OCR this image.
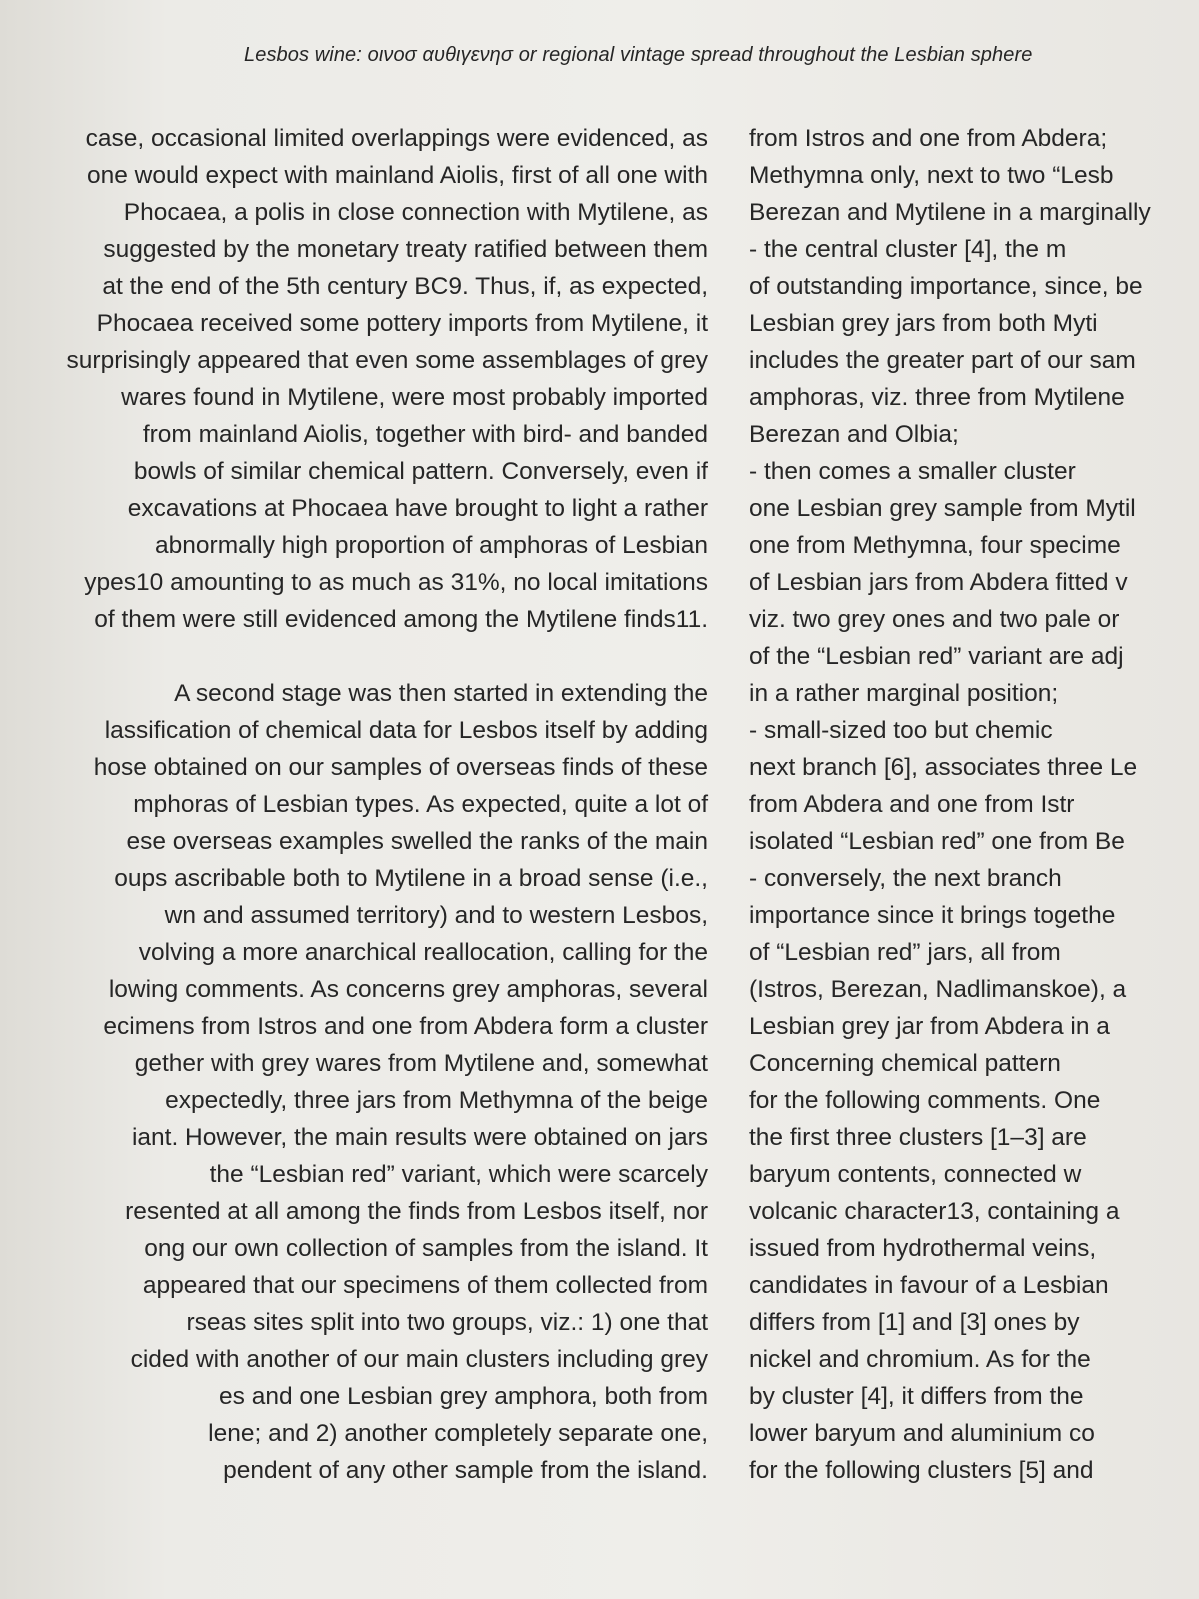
Lesbos wine: οινοσ αυθιγενησ or regional vintage spread throughout the Lesbian sphere
case, occasional limited overlappings were evidenced, as
one would expect with mainland Aiolis, first of all one with
Phocaea, a polis in close connection with Mytilene, as
suggested by the monetary treaty ratified between them
at the end of the 5th century BC9. Thus, if, as expected,
Phocaea received some pottery imports from Mytilene, it
surprisingly appeared that even some assemblages of grey
wares found in Mytilene, were most probably imported
from mainland Aiolis, together with bird- and banded
bowls of similar chemical pattern. Conversely, even if
excavations at Phocaea have brought to light a rather
abnormally high proportion of amphoras of Lesbian
ypes10 amounting to as much as 31%, no local imitations
of them were still evidenced among the Mytilene finds11.
A second stage was then started in extending the
lassification of chemical data for Lesbos itself by adding
hose obtained on our samples of overseas finds of these
mphoras of Lesbian types. As expected, quite a lot of
ese overseas examples swelled the ranks of the main
oups ascribable both to Mytilene in a broad sense (i.e.,
wn and assumed territory) and to western Lesbos,
volving a more anarchical reallocation, calling for the
lowing comments. As concerns grey amphoras, several
ecimens from Istros and one from Abdera form a cluster
gether with grey wares from Mytilene and, somewhat
expectedly, three jars from Methymna of the beige
iant. However, the main results were obtained on jars
the “Lesbian red” variant, which were scarcely
resented at all among the finds from Lesbos itself, nor
ong our own collection of samples from the island. It
appeared that our specimens of them collected from
rseas sites split into two groups, viz.: 1) one that
cided with another of our main clusters including grey
es and one Lesbian grey amphora, both from
lene; and 2) another completely separate one,
pendent of any other sample from the island.
from Istros and one from Abdera;
Methymna only, next to two “Lesb
Berezan and Mytilene in a marginally
- the central cluster [4], the m
of outstanding importance, since, be
Lesbian grey jars from both Myti
includes the greater part of our sam
amphoras, viz. three from Mytilene
Berezan and Olbia;
- then comes a smaller cluster
one Lesbian grey sample from Mytil
one from Methymna, four specime
of Lesbian jars from Abdera fitted v
viz. two grey ones and two pale or
of the “Lesbian red” variant are adj
in a rather marginal position;
- small-sized too but chemic
next branch [6], associates three Le
from Abdera and one from Istr
isolated “Lesbian red” one from Be
- conversely, the next branch
importance since it brings togethe
of “Lesbian red” jars, all from
(Istros, Berezan, Nadlimanskoe), a
Lesbian grey jar from Abdera in a
Concerning chemical pattern
for the following comments. One
the first three clusters [1–3] are
baryum contents, connected w
volcanic character13, containing a
issued from hydrothermal veins,
candidates in favour of a Lesbian
differs from [1] and [3] ones by
nickel and chromium. As for the
by cluster [4], it differs from the
lower baryum and aluminium co
for the following clusters [5] and
